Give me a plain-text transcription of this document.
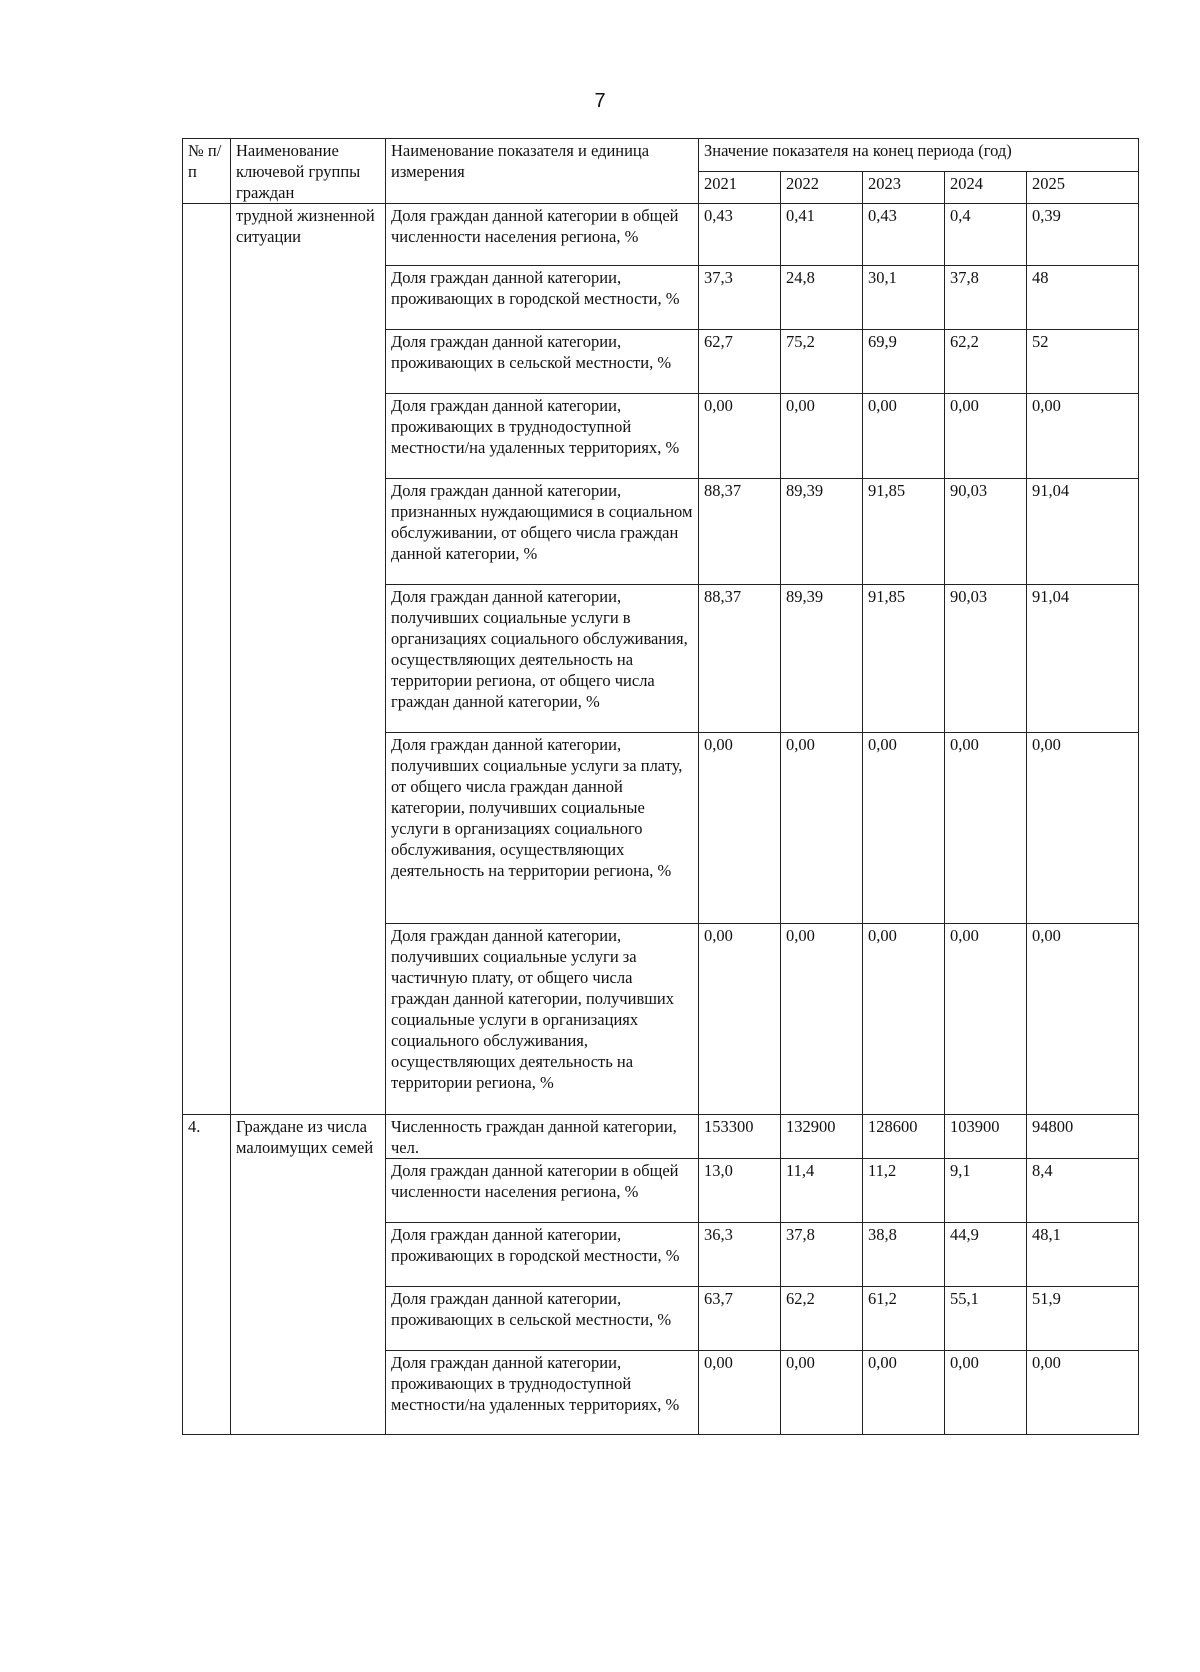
7
№ п/п	Наименование ключевой группы граждан	Наименование показателя и единица измерения	Значение показателя на конец периода (год)				
			2021	2022	2023	2024	2025
	трудной жизненной ситуации	Доля граждан данной категории в общей численности населения региона, %	0,43	0,41	0,43	0,4	0,39
		Доля граждан данной категории, проживающих в городской местности, %	37,3	24,8	30,1	37,8	48
		Доля граждан данной категории, проживающих в сельской местности, %	62,7	75,2	69,9	62,2	52
		Доля граждан данной категории, проживающих в труднодоступной местности/на удаленных территориях, %	0,00	0,00	0,00	0,00	0,00
		Доля граждан данной категории, признанных нуждающимися в социальном обслуживании, от общего числа граждан данной категории, %	88,37	89,39	91,85	90,03	91,04
		Доля граждан данной категории, получивших социальные услуги в организациях социального обслуживания, осуществляющих деятельность на территории региона, от общего числа граждан данной категории, %	88,37	89,39	91,85	90,03	91,04
		Доля граждан данной категории, получивших социальные услуги за плату, от общего числа граждан данной категории, получивших социальные услуги в организациях социального обслуживания, осуществляющих деятельность на территории региона, %	0,00	0,00	0,00	0,00	0,00
		Доля граждан данной категории, получивших социальные услуги за частичную плату, от общего числа граждан данной категории, получивших социальные услуги в организациях социального обслуживания, осуществляющих деятельность на территории региона, %	0,00	0,00	0,00	0,00	0,00
4.	Граждане из числа малоимущих семей	Численность граждан данной категории, чел.	153300	132900	128600	103900	94800
		Доля граждан данной категории в общей численности населения региона, %	13,0	11,4	11,2	9,1	8,4
		Доля граждан данной категории, проживающих в городской местности, %	36,3	37,8	38,8	44,9	48,1
		Доля граждан данной категории, проживающих в сельской местности, %	63,7	62,2	61,2	55,1	51,9
		Доля граждан данной категории, проживающих в труднодоступной местности/на удаленных территориях, %	0,00	0,00	0,00	0,00	0,00
